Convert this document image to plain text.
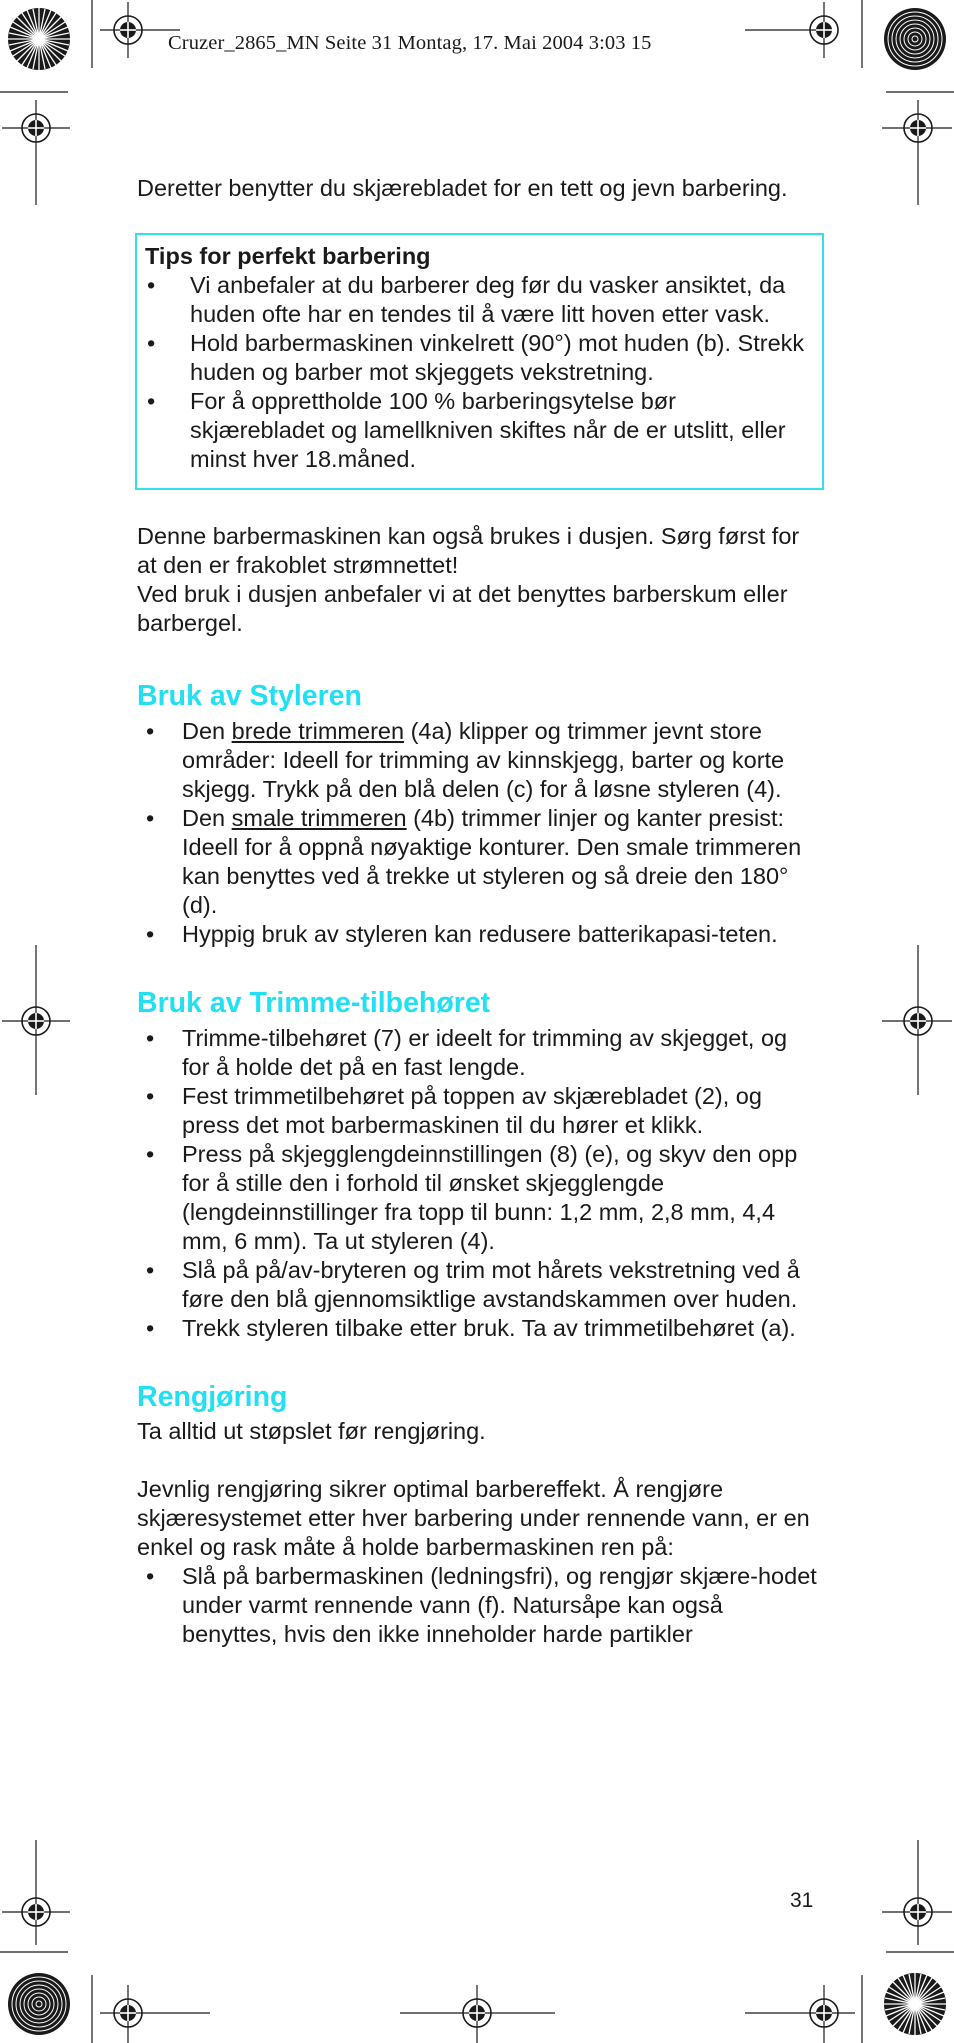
Cruzer_2865_MN Seite 31 Montag, 17. Mai 2004 3:03 15

Deretter benytter du skjærebladet for en tett og jevn barbering.

Tips for perfekt barbering
• Vi anbefaler at du barberer deg før du vasker ansiktet, da huden ofte har en tendes til å være litt hoven etter vask.
• Hold barbermaskinen vinkelrett (90°) mot huden (b). Strekk huden og barber mot skjeggets vekstretning.
• For å opprettholde 100 % barberingsytelse bør skjærebladet og lamellkniven skiftes når de er utslitt, eller minst hver 18.måned.

Denne barbermaskinen kan også brukes i dusjen. Sørg først for at den er frakoblet strømnettet!

Ved bruk i dusjen anbefaler vi at det benyttes barberskum eller barbergel.

Bruk av Styleren
• Den brede trimmeren (4a) klipper og trimmer jevnt store områder: Ideell for trimming av kinnskjegg, barter og korte skjegg. Trykk på den blå delen (c) for å løsne styleren (4).
• Den smale trimmeren (4b) trimmer linjer og kanter presist: Ideell for å oppnå nøyaktige konturer. Den smale trimmeren kan benyttes ved å trekke ut styleren og så dreie den 180° (d).
• Hyppig bruk av styleren kan redusere batterikapasi-teten.
Bruk av Trimme-tilbehøret
• Trimme-tilbehøret (7) er ideelt for trimming av skjegget, og for å holde det på en fast lengde.
• Fest trimmetilbehøret på toppen av skjærebladet (2), og press det mot barbermaskinen til du hører et klikk.
• Press på skjegglengdeinnstillingen (8) (e), og skyv den opp for å stille den i forhold til ønsket skjegglengde (lengdeinnstillinger fra topp til bunn: 1,2 mm, 2,8 mm, 4,4 mm, 6 mm). Ta ut styleren (4).
• Slå på på/av-bryteren og trim mot hårets vekstretning ved å føre den blå gjennomsiktlige avstandskammen over huden.
• Trekk styleren tilbake etter bruk. Ta av trimmetilbehøret (a).
Rengjøring

Ta alltid ut støpslet før rengjøring.

Jevnlig rengjøring sikrer optimal barbereffekt. Å rengjøre skjæresystemet etter hver barbering under rennende vann, er en enkel og rask måte å holde barbermaskinen ren på:

• Slå på barbermaskinen (ledningsfri), og rengjør skjære-hodet under varmt rennende vann (f). Natursåpe kan også benyttes, hvis den ikke inneholder harde partikler
31
